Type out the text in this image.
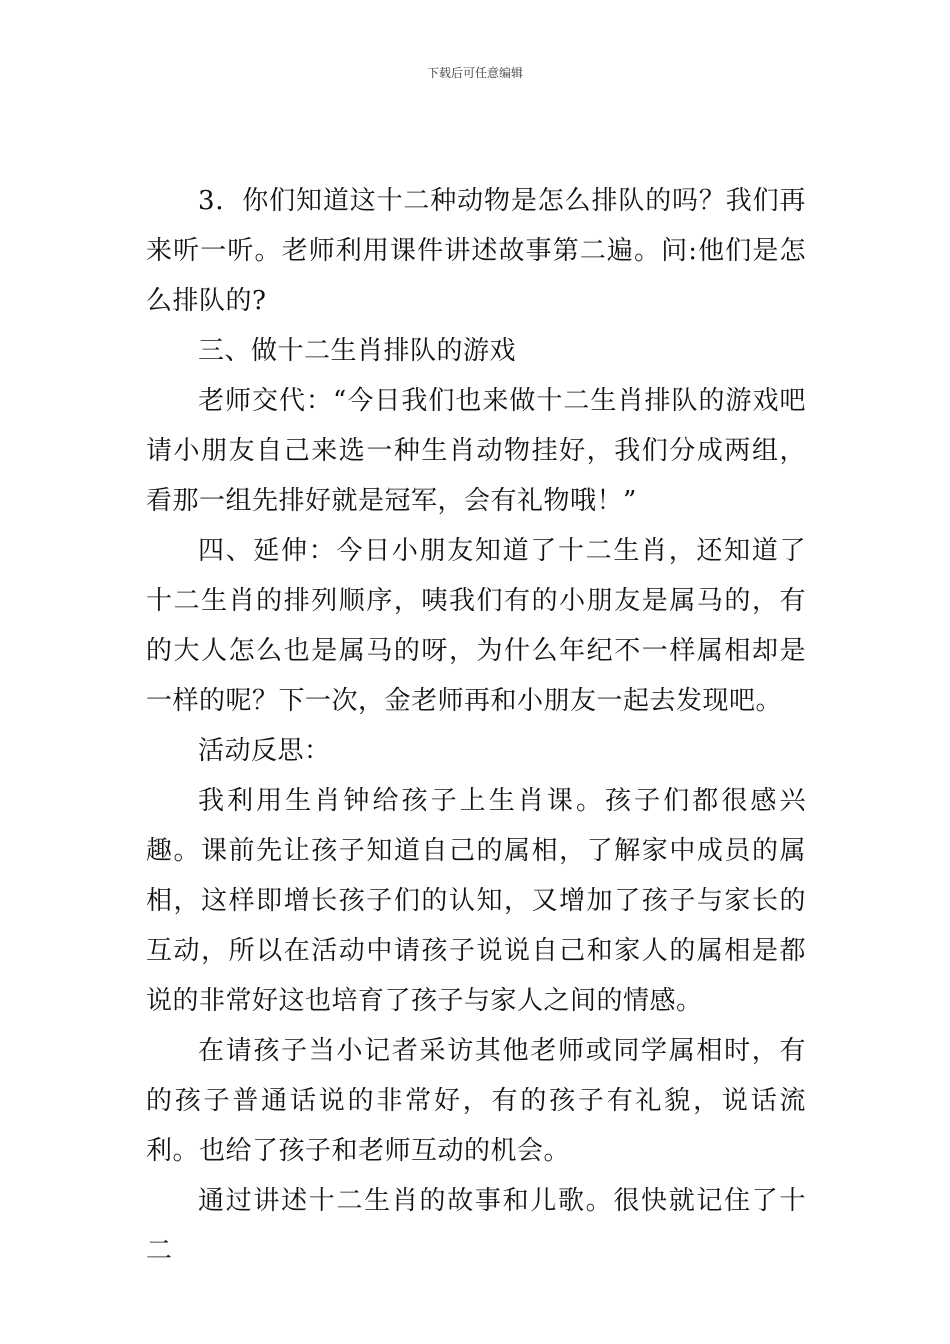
下载后可任意编辑

3．你们知道这十二种动物是怎么排队的吗？我们再来听一听。老师利用课件讲述故事第二遍。问:他们是怎么排队的?

三、做十二生肖排队的游戏

老师交代：“今日我们也来做十二生肖排队的游戏吧请小朋友自己来选一种生肖动物挂好，我们分成两组，看那一组先排好就是冠军，会有礼物哦！”

四、延伸：今日小朋友知道了十二生肖，还知道了十二生肖的排列顺序，咦我们有的小朋友是属马的，有的大人怎么也是属马的呀，为什么年纪不一样属相却是一样的呢？下一次，金老师再和小朋友一起去发现吧。

活动反思：

我利用生肖钟给孩子上生肖课。孩子们都很感兴趣。课前先让孩子知道自己的属相，了解家中成员的属相，这样即增长孩子们的认知，又增加了孩子与家长的互动，所以在活动中请孩子说说自己和家人的属相是都说的非常好这也培育了孩子与家人之间的情感。

在请孩子当小记者采访其他老师或同学属相时，有的孩子普通话说的非常好，有的孩子有礼貌，说话流利。也给了孩子和老师互动的机会。

通过讲述十二生肖的故事和儿歌。很快就记住了十二
